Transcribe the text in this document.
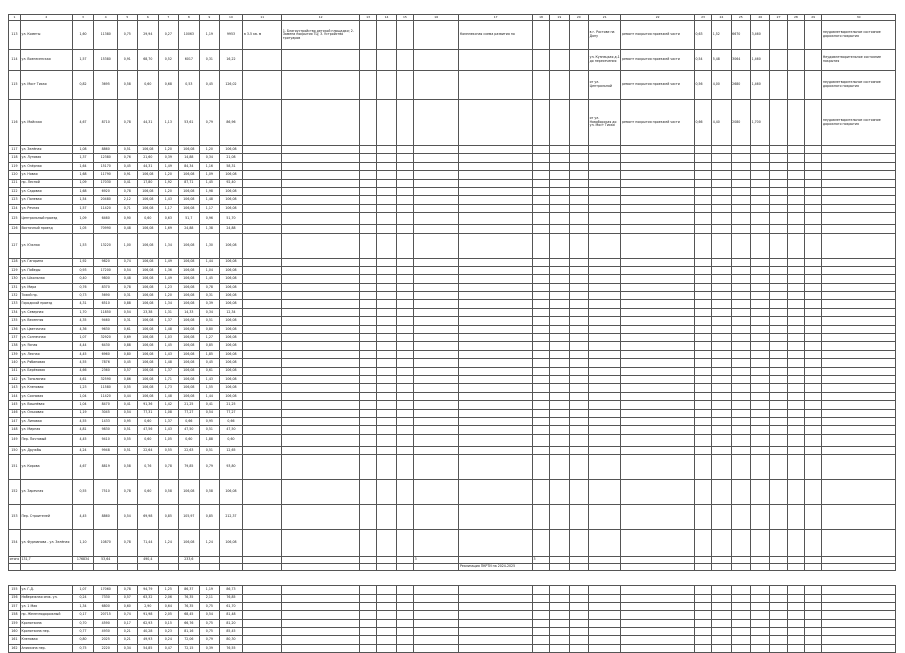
1	2	3	4	5	6	7	8	9	10	11	12	13	14	15	16	17	18	19	20	21	22	23	24	25	26	27	28	29	30
113	ул. Кометы	1,60	11380	0,75	29,94	0,27	10063	1,19	9953	в 3-5 кв. м	1. Благоустройство детской площадки; 2. Замена покрытия ТЦ; 3. Устройство тротуаров					Комплексная схема развития по				в г. Ростове на Дону	ремонт покрытия проезжей части	0,63	1,52	6670	3,460				неудовлетворительное состояние дорожного покрытия
114	ул. Вознесенская	1,57	15380	0,91	68,70	0,52	6017	0,31	16,22											ул. Кузнецкая д.1 до пересечения	ремонт покрытия проезжей части	0,54	5,48	3064	1,460				Неудовлетворительное состояние покрытия
115	ул. Мост Тихая	0,82	3695	0,58	0,60	0,68	0,53	0,45	126,02											от ул. Центральной	ремонт покрытия проезжей части	0,56	4,00	2680	1,460				неудовлетворительное состояние дорожного покрытия
116	ул. Майская	4,67	8710	0,78	44,31	1,13	53,61	0,79	86,96											от ул. Новоборская до ул. Мост Тихая	ремонт покрытия проезжей части	0,66	4,40	2080	1,700				неудовлетворительное состояние дорожного покрытия
117	ул. Зелёная	1,08	8860	0,51	106,08	1,20	106,08	1,20	106,08																				
118	ул. Луговая	1,37	12380	0,76	21,60	0,39	14,88	0,34	21,08																				
119	ул. Озёрная	1,64	15170	0,45	44,31	1,49	84,34	1,16	58,31																				
120	ул. Новая	1,68	11790	0,91	106,08	1,20	106,08	1,09	106,08																				
121	пр. Лесной	1,09	17030	0,41	17,80	1,92	87,71	1,45	92,40																				
122	ул. Садовая	1,68	6920	0,78	106,08	1,20	106,08	1,98	106,08																				
123	ул. Полевая	1,54	20480	2,12	106,08	1,43	106,08	1,48	106,08																				
124	ул. Речная	1,57	11420	0,71	106,08	1,17	106,08	1,17	106,08																				
125	Центральный проезд	1,09	6460	0,90	0,60	0,63	51,7	0,96	51,70																				
126	Восточный проезд	1,05	70990	0,48	106,08	1,69	24,88	1,38	24,88																				
127	ул. Южная	1,53	13220	1,00	106,08	1,34	106,08	1,30	106,08																				
128	ул. Гагарина	1,92	9820	0,74	106,08	1,49	106,08	1,44	106,08																				
129	ул. Победы	0,93	17200	0,54	106,08	1,36	106,08	1,04	106,08																				
130	ул. Школьная	0,40	9800	0,48	106,08	1,49	106,08	1,45	106,08																				
131	ул. Мира	0,76	8370	0,78	106,08	1,23	106,08	0,78	106,08																				
132	Тихий пр.	0,73	5690	0,31	106,08	1,20	106,08	0,31	106,08																				
133	Городской проезд	4,31	6510	0,88	106,08	1,34	106,08	0,39	106,08																				
134	ул. Северная	1,70	11850	0,54	23,38	1,31	14,33	0,34	12,34																				
135	ул. Весенняя	4,35	9460	0,31	106,08	1,37	106,08	0,51	106,08																				
136	ул. Цветочная	4,36	9630	0,61	106,08	1,48	106,08	0,80	106,08																				
137	ул. Солнечная	1,07	32920	0,69	106,08	1,03	106,08	1,27	106,08																				
138	ул. Ясная	4,44	6430	0,88	106,08	1,45	106,08	0,85	106,08																				
139	ул. Лесная	4,45	6960	0,80	106,08	1,43	106,08	1,85	106,08																				
140	ул. Рябиновая	4,55	7876	0,45	106,08	1,48	106,08	0,45	106,08																				
141	ул. Берёзовая	4,66	2360	0,57	106,08	1,37	106,08	0,61	106,08																				
142	ул. Тополиная	4,61	32590	0,86	106,08	1,71	106,08	1,43	106,08																				
143	ул. Кленовая	1,23	11580	0,55	106,08	1,73	106,08	1,55	106,08																				
144	ул. Сосновая	1,04	11420	0,44	106,08	1,48	106,08	1,44	106,08																				
145	ул. Вишнёвая	1,04	8470	0,41	91,36	1,42	21,25	0,41	21,25																				
146	ул. Ольховая	1,19	3045	0,54	77,31	1,08	77,27	0,54	77,27																				
147	ул. Липовая	4,55	1433	0,95	0,60	1,37	0,66	0,95	0,66																				
148	ул. Мирная	4,81	9830	0,51	47,56	1,43	47,50	0,51	47,50																				
149	Пер. Почтовый	4,45	9410	0,55	0,60	1,05	0,60	1,88	0,60																				
150	ул. Дружбы	4,24	9948	0,51	22,64	0,55	22,63	0,51	12,65																				
151	ул. Кирова	4,67	8819	0,58	0,76	0,78	79,85	0,79	93,80																				
152	ул. Заречная	0,55	7510	0,78	0,60	0,58	106,08	0,58	106,08																				
153	Пер. Строителей	4,45	8860	0,54	69,98	0,85	105,97	0,85	212,37																				
154	ул. Фурманова - ул. Зелёная	1,10	10870	0,78	71,44	1,24	106,08	1,24	106,08																				
итого	131,7	176834	53,64		490,4		233,6								3		3												
																Реализация ПКРТИ на 2024-2025													

155	ул. Г.Д.	1,07	17060	0,78	94,79	1,25	86,37	1,19	86,73																				
156	Набережная инж. ул.	0,24	7330	0,57	63,32	2,06	76,35	2,11	76,85																				
157	ул. 1 Мая	1,34	6800	0,60	2,90	0,64	76,35	0,75	61,70																				
158	пр. Железнодорожный	0,17	20715	0,74	91,98	2,05	68,45	0,54	81,48																				
159	Кропоткина	0,70	4590	0,17	62,93	0,15	66,76	0,75	81,20																				
160	Кропоткина пер.	0,77	4930	0,21	40,28	0,23	81,16	0,75	85,45																				
161	Кленовая	0,80	2025	0,21	49,93	0,24	72,06	0,79	80,30																				
162	Анискина пер.	0,75	2220	0,34	54,85	0,47	72,15	0,39	76,55																				
